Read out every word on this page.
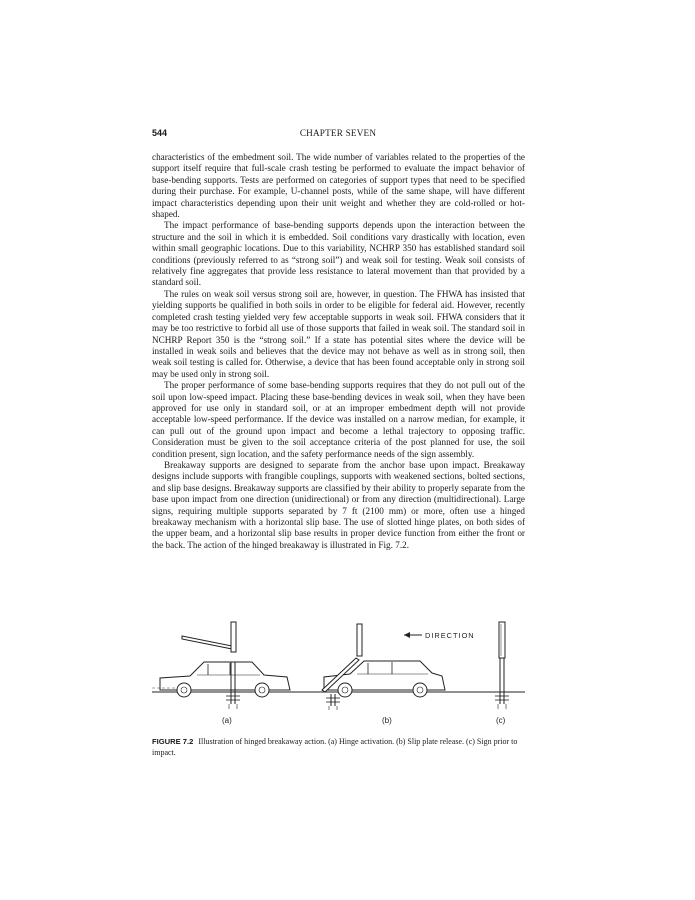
544	CHAPTER SEVEN

characteristics of the embedment soil. The wide number of variables related to the properties of the support itself require that full-scale crash testing be performed to evaluate the impact behavior of base-bending supports. Tests are performed on categories of support types that need to be specified during their purchase. For example, U-channel posts, while of the same shape, will have different impact characteristics depending upon their unit weight and whether they are cold-rolled or hot-shaped.

The impact performance of base-bending supports depends upon the interaction between the structure and the soil in which it is embedded. Soil conditions vary drastically with location, even within small geographic locations. Due to this variability, NCHRP 350 has established standard soil conditions (previously referred to as “strong soil”) and weak soil for testing. Weak soil consists of relatively fine aggregates that provide less resistance to lateral movement than that provided by a standard soil.

The rules on weak soil versus strong soil are, however, in question. The FHWA has insisted that yielding supports be qualified in both soils in order to be eligible for federal aid. However, recently completed crash testing yielded very few acceptable supports in weak soil. FHWA considers that it may be too restrictive to forbid all use of those supports that failed in weak soil. The standard soil in NCHRP Report 350 is the “strong soil.” If a state has potential sites where the device will be installed in weak soils and believes that the device may not behave as well as in strong soil, then weak soil testing is called for. Otherwise, a device that has been found acceptable only in strong soil may be used only in strong soil.

The proper performance of some base-bending supports requires that they do not pull out of the soil upon low-speed impact. Placing these base-bending devices in weak soil, when they have been approved for use only in standard soil, or at an improper embedment depth will not provide acceptable low-speed performance. If the device was installed on a narrow median, for example, it can pull out of the ground upon impact and become a lethal trajectory to opposing traffic. Consideration must be given to the soil acceptance criteria of the post planned for use, the soil condition present, sign location, and the safety performance needs of the sign assembly.

Breakaway supports are designed to separate from the anchor base upon impact. Breakaway designs include supports with frangible couplings, supports with weakened sections, bolted sections, and slip base designs. Breakaway supports are classified by their ability to properly separate from the base upon impact from one direction (unidirectional) or from any direction (multidirectional). Large signs, requiring multiple supports separated by 7 ft (2100 mm) or more, often use a hinged breakaway mechanism with a horizontal slip base. The use of slotted hinge plates, on both sides of the upper beam, and a horizontal slip base results in proper device function from either the front or the back. The action of the hinged breakaway is illustrated in Fig. 7.2.

DIRECTION
(a)	(b)	(c)
FIGURE 7.2 Illustration of hinged breakaway action. (a) Hinge activation. (b) Slip plate release. (c) Sign prior to impact.
